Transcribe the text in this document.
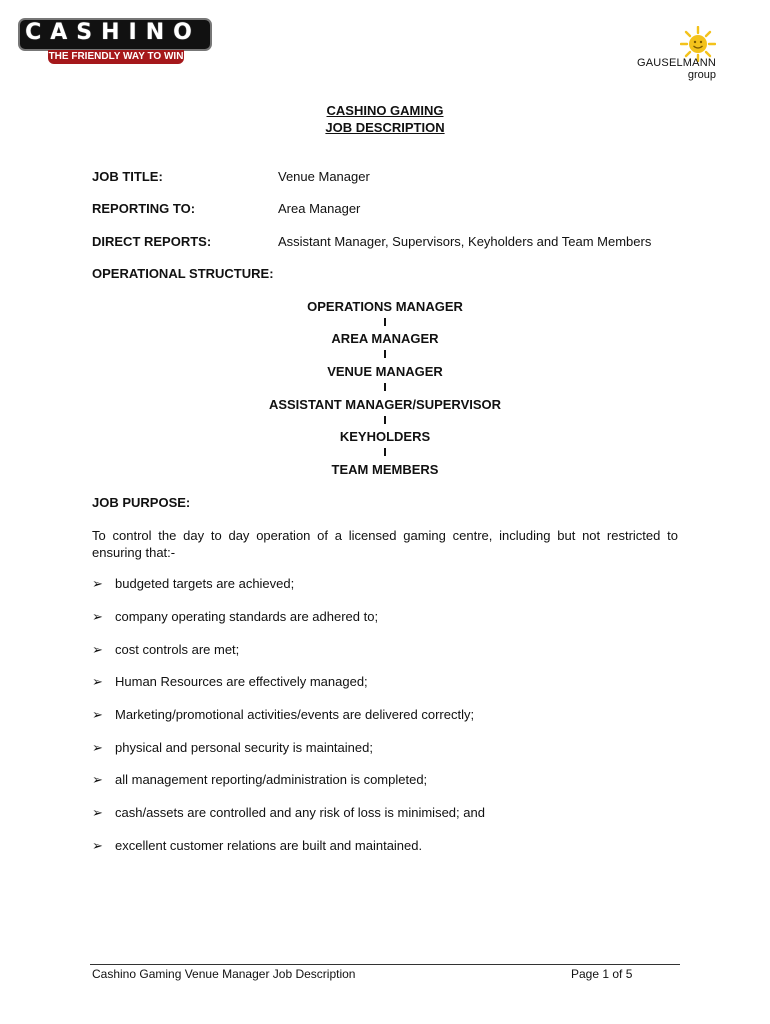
CASHINO
THE FRIENDLY WAY TO WIN
GAUSELMANN
group
CASHINO GAMING
JOB DESCRIPTION
JOB TITLE:	Venue Manager
REPORTING TO:	Area Manager
DIRECT REPORTS:	Assistant Manager, Supervisors, Keyholders and Team Members
OPERATIONAL STRUCTURE:
OPERATIONS MANAGER
AREA MANAGER
VENUE MANAGER
ASSISTANT MANAGER/SUPERVISOR
KEYHOLDERS
TEAM MEMBERS
JOB PURPOSE:
To control the day to day operation of a licensed gaming centre, including but not restricted to ensuring that:-
➢ budgeted targets are achieved;
➢ company operating standards are adhered to;
➢ cost controls are met;
➢ Human Resources are effectively managed;
➢ Marketing/promotional activities/events are delivered correctly;
➢ physical and personal security is maintained;
➢ all management reporting/administration is completed;
➢ cash/assets are controlled and any risk of loss is minimised; and
➢ excellent customer relations are built and maintained.
Cashino Gaming Venue Manager Job Description	Page 1 of 5
